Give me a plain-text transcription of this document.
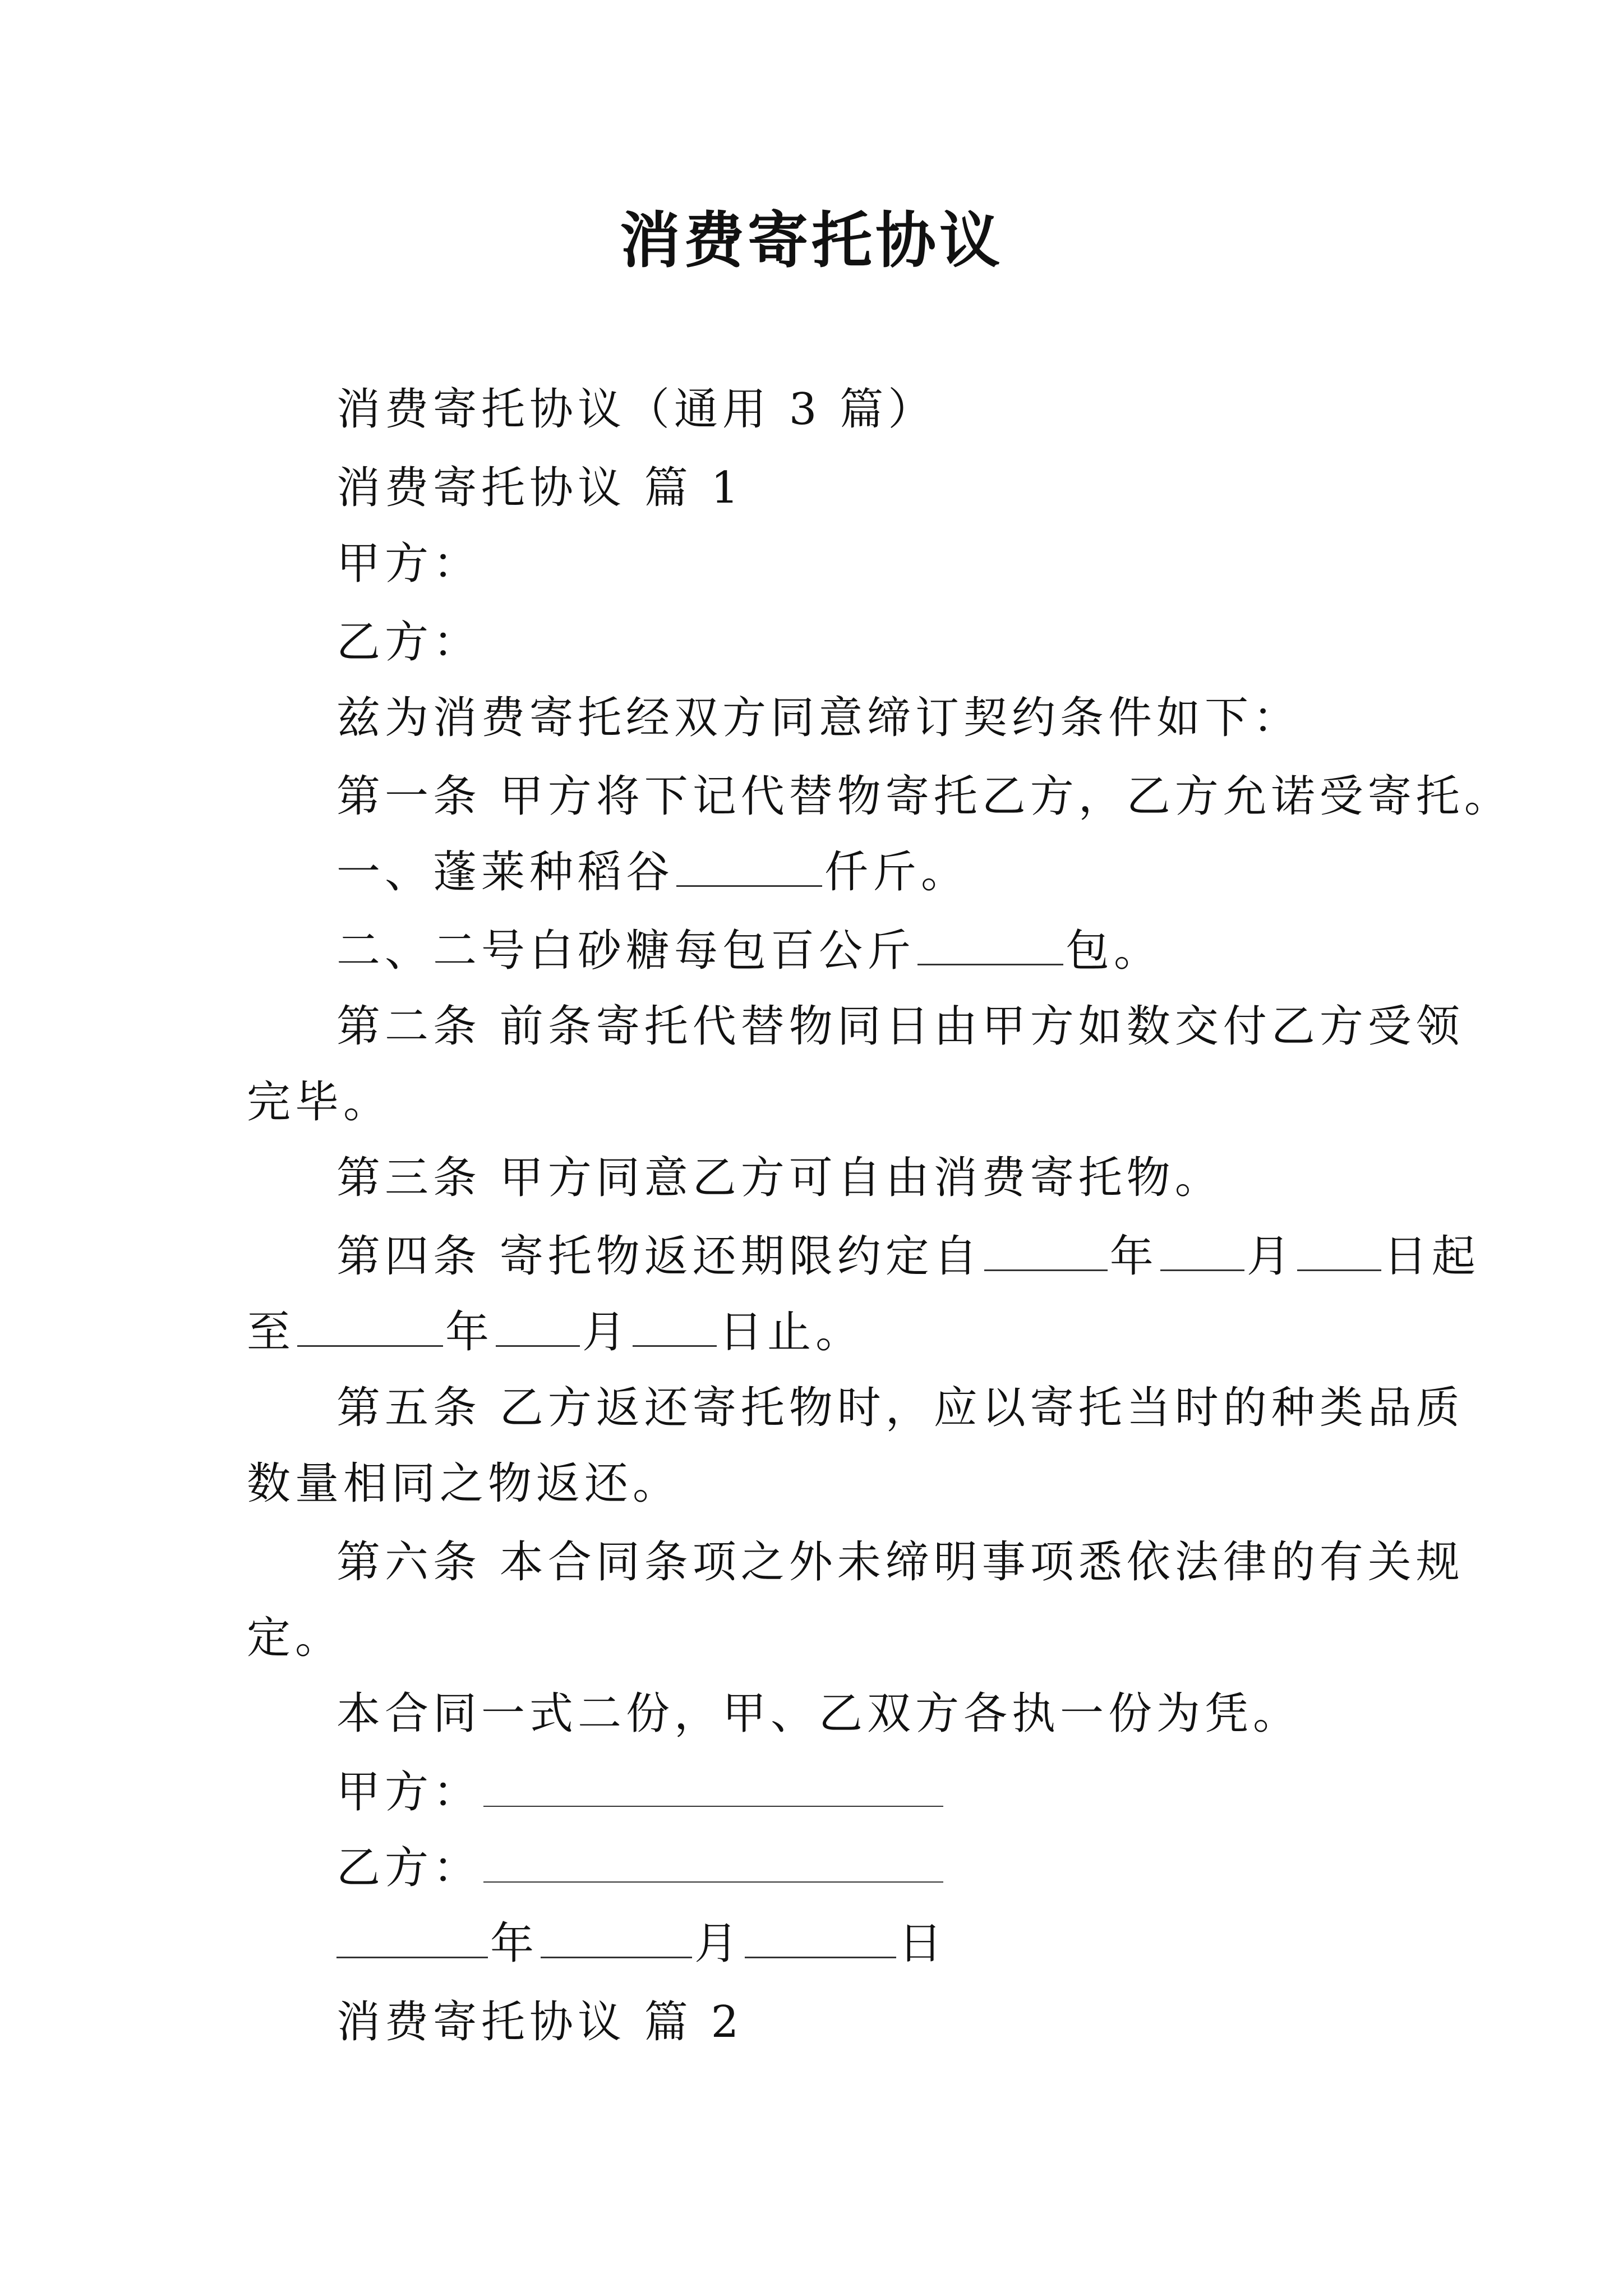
消费寄托协议
消费寄托协议（通用 3 篇）
消费寄托协议 篇 1
甲方：
乙方：
兹为消费寄托经双方同意缔订契约条件如下：
第一条 甲方将下记代替物寄托乙方，乙方允诺受寄托。
一、蓬莱种稻谷	仟斤。
二、二号白砂糖每包百公斤	包。
第二条 前条寄托代替物同日由甲方如数交付乙方受领
完毕。
第三条 甲方同意乙方可自由消费寄托物。
第四条 寄托物返还期限约定自	年 月 日起
至	年 月 日止。
第五条 乙方返还寄托物时，应以寄托当时的种类品质
数量相同之物返还。
第六条 本合同条项之外未缔明事项悉依法律的有关规
定。
本合同一式二份，甲、乙双方各执一份为凭。
甲方：
乙方：
年	月	日
消费寄托协议 篇 2
